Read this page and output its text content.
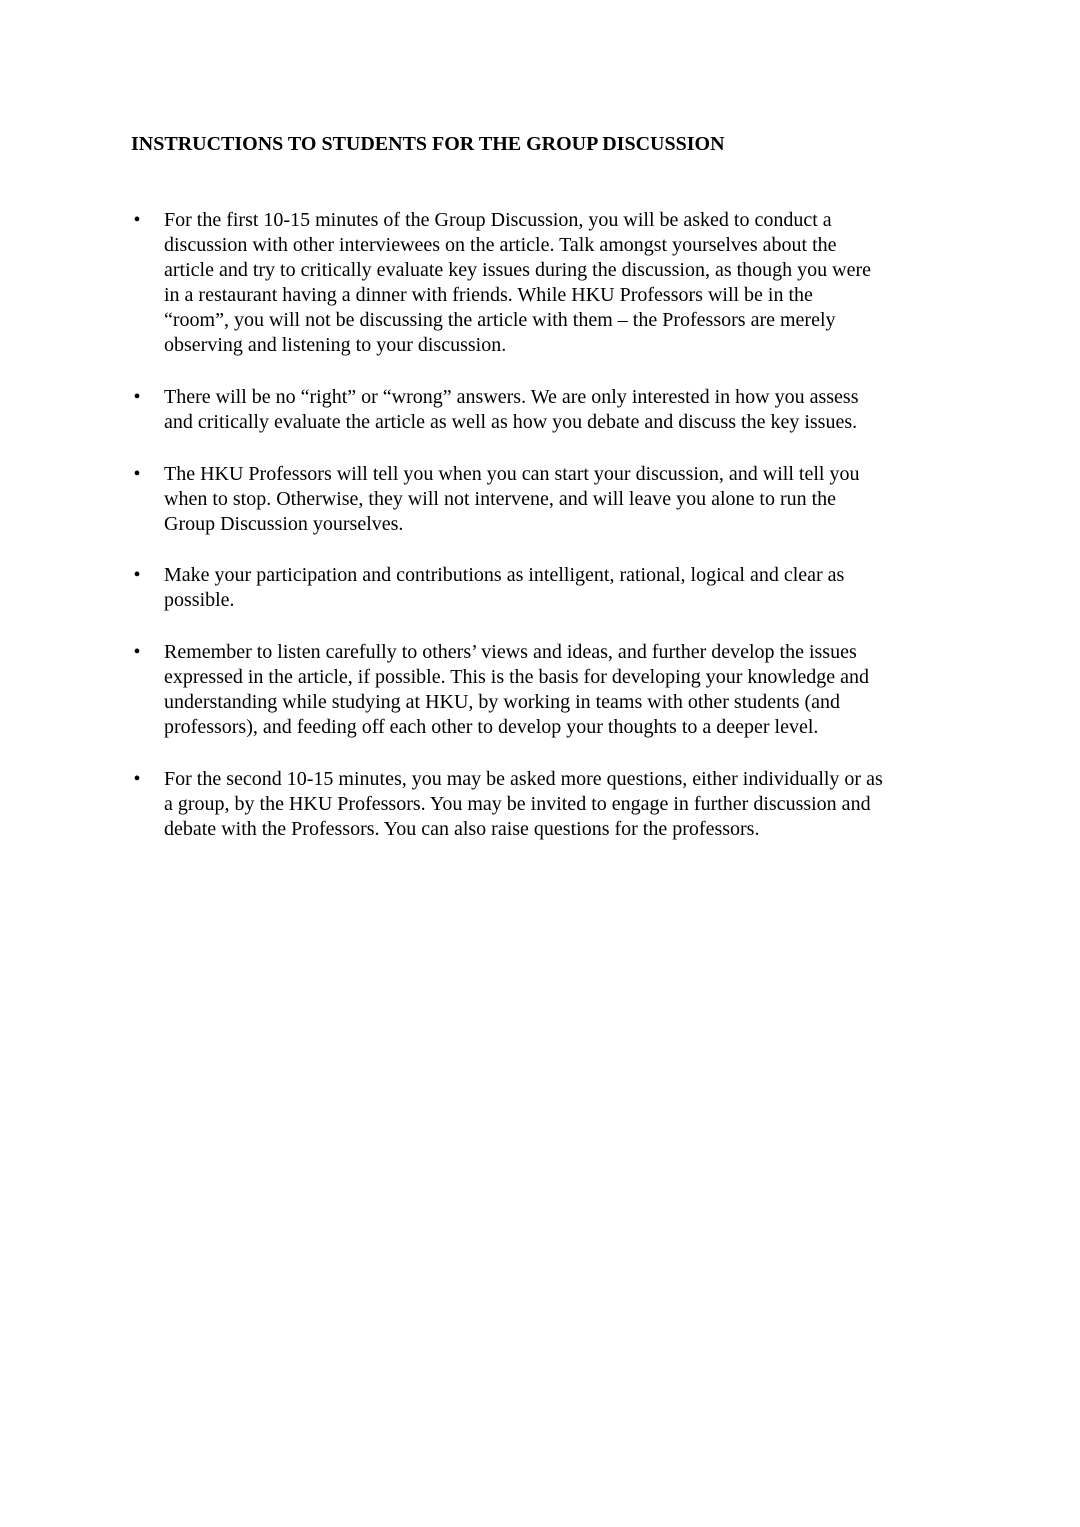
INSTRUCTIONS TO STUDENTS FOR THE GROUP DISCUSSION
•	For the first 10-15 minutes of the Group Discussion, you will be asked to conduct a
discussion with other interviewees on the article. Talk amongst yourselves about the
article and try to critically evaluate key issues during the discussion, as though you were
in a restaurant having a dinner with friends. While HKU Professors will be in the
“room”, you will not be discussing the article with them – the Professors are merely
observing and listening to your discussion.
•	There will be no “right” or “wrong” answers. We are only interested in how you assess
and critically evaluate the article as well as how you debate and discuss the key issues.
•	The HKU Professors will tell you when you can start your discussion, and will tell you
when to stop. Otherwise, they will not intervene, and will leave you alone to run the
Group Discussion yourselves.
•	Make your participation and contributions as intelligent, rational, logical and clear as
possible.
•	Remember to listen carefully to others’ views and ideas, and further develop the issues
expressed in the article, if possible. This is the basis for developing your knowledge and
understanding while studying at HKU, by working in teams with other students (and
professors), and feeding off each other to develop your thoughts to a deeper level.
•	For the second 10-15 minutes, you may be asked more questions, either individually or as
a group, by the HKU Professors. You may be invited to engage in further discussion and
debate with the Professors. You can also raise questions for the professors.
